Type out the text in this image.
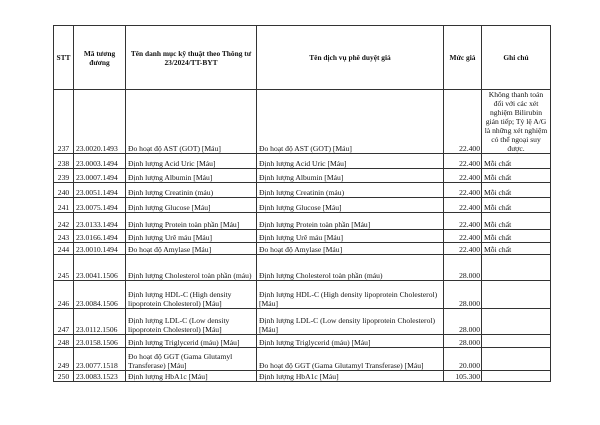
STT	Mã tương đương	Tên danh mục kỹ thuật theo Thông tư 23/2024/TT-BYT	Tên dịch vụ phê duyệt giá	Mức giá	Ghi chú
237	23.0020.1493	Đo hoạt độ AST (GOT) [Máu]	Đo hoạt độ AST (GOT) [Máu]	22.400	Không thanh toán đối với các xét nghiệm Bilirubin gián tiếp; Tỷ lệ A/G là những xét nghiệm có thể ngoại suy được.
238	23.0003.1494	Định lượng Acid Uric [Máu]	Định lượng Acid Uric [Máu]	22.400	Mỗi chất
239	23.0007.1494	Định lượng Albumin [Máu]	Định lượng Albumin [Máu]	22.400	Mỗi chất
240	23.0051.1494	Định lượng Creatinin (máu)	Định lượng Creatinin (máu)	22.400	Mỗi chất
241	23.0075.1494	Định lượng Glucose [Máu]	Định lượng Glucose [Máu]	22.400	Mỗi chất
242	23.0133.1494	Định lượng Protein toàn phần [Máu]	Định lượng Protein toàn phần [Máu]	22.400	Mỗi chất
243	23.0166.1494	Định lượng Urê máu [Máu]	Định lượng Urê máu [Máu]	22.400	Mỗi chất
244	23.0010.1494	Đo hoạt độ Amylase [Máu]	Đo hoạt độ Amylase [Máu]	22.400	Mỗi chất
245	23.0041.1506	Định lượng Cholesterol toàn phần (máu)	Định lượng Cholesterol toàn phần (máu)	28.000	
246	23.0084.1506	Định lượng HDL-C (High density lipoprotein Cholesterol) [Máu]	Định lượng HDL-C (High density lipoprotein Cholesterol) [Máu]	28.000	
247	23.0112.1506	Định lượng LDL-C (Low density lipoprotein Cholesterol) [Máu]	Định lượng LDL-C (Low density lipoprotein Cholesterol) [Máu]	28.000	
248	23.0158.1506	Định lượng Triglycerid (máu) [Máu]	Định lượng Triglycerid (máu) [Máu]	28.000	
249	23.0077.1518	Đo hoạt độ GGT (Gama Glutamyl Transferase) [Máu]	Đo hoạt độ GGT (Gama Glutamyl Transferase) [Máu]	20.000	
250	23.0083.1523	Định lượng HbA1c [Máu]	Định lượng HbA1c [Máu]	105.300	
